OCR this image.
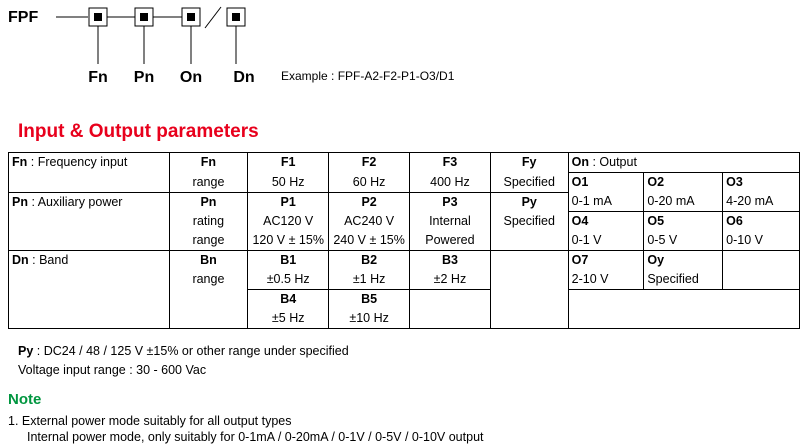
FPF
Fn Pn On Dn Example : FPF-A2-F2-P1-O3/D1
Input & Output parameters
Fn : Frequency input	Fn	F1	F2	F3	Fy	On : Output		
	range	50 Hz	60 Hz	400 Hz	Specified	O1	O2	O3
Pn : Auxiliary power	Pn	P1	P2	P3	Py	0-1 mA	0-20 mA	4-20 mA
	rating	AC120 V	AC240 V	Internal	Specified	O4	O5	O6
	range	120 V ± 15%	240 V ± 15%	Powered		0-1 V	0-5 V	0-10 V
Dn : Band	Bn	B1	B2	B3		O7	Oy	
	range	±0.5 Hz	±1 Hz	±2 Hz		2-10 V	Specified	
		B4	B5					
		±5 Hz	±10 Hz					
Py : DC24 / 48 / 125 V ±15% or other range under specified
Voltage input range : 30 - 600 Vac
Note
1. External power mode suitably for all output types
Internal power mode, only suitably for 0-1mA / 0-20mA / 0-1V / 0-5V / 0-10V output
